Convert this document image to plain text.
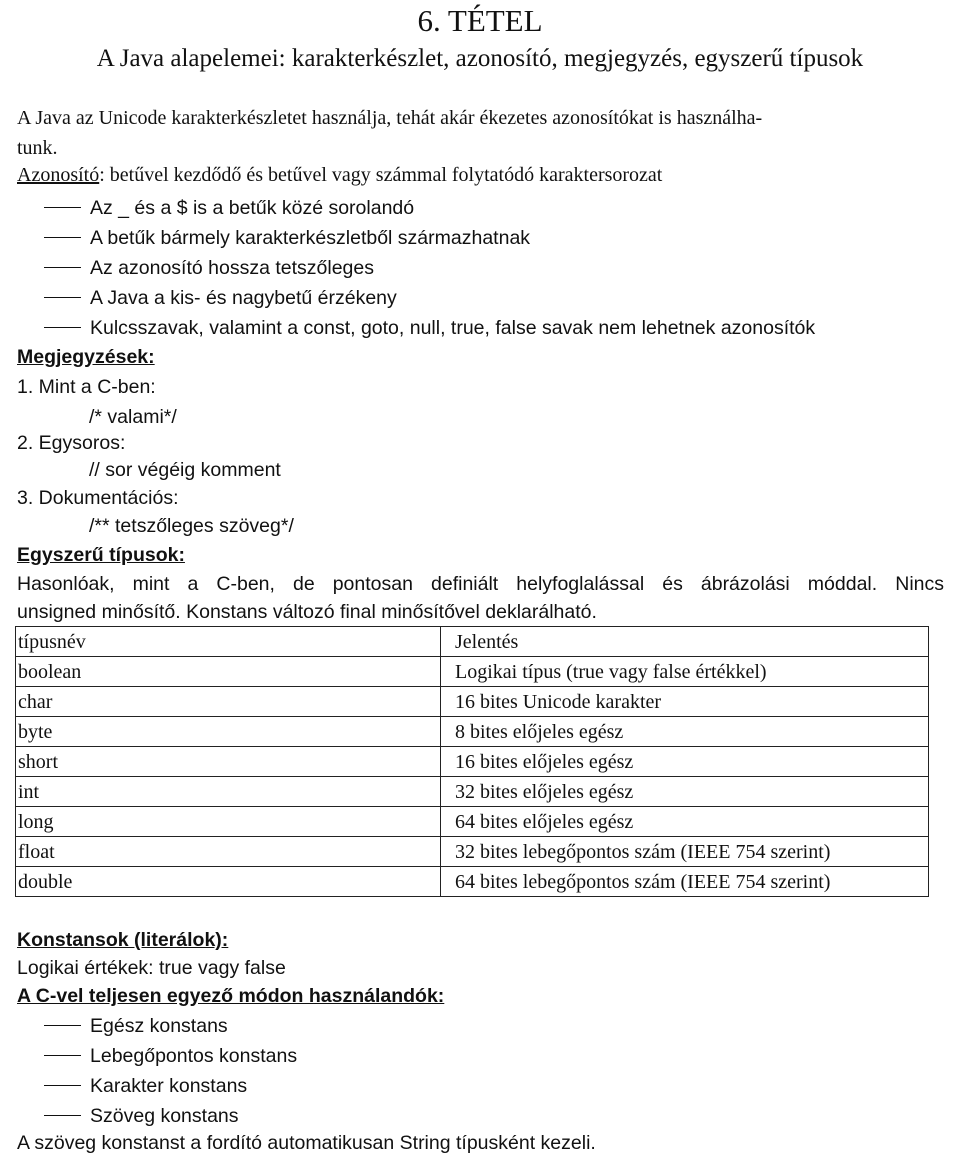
6. TÉTEL
A Java alapelemei: karakterkészlet, azonosító, megjegyzés, egyszerű típusok
A Java az Unicode karakterkészletet használja, tehát akár ékezetes azonosítókat is használha-
tunk.
Azonosító: betűvel kezdődő és betűvel vagy számmal folytatódó karaktersorozat
Az _ és a $ is a betűk közé sorolandó
A betűk bármely karakterkészletből származhatnak
Az azonosító hossza tetszőleges
A Java a kis- és nagybetű érzékeny
Kulcsszavak, valamint a const, goto, null, true, false savak nem lehetnek azonosítók
Megjegyzések:
1. Mint a C-ben:
/* valami*/
2. Egysoros:
// sor végéig komment
3. Dokumentációs:
/** tetszőleges szöveg*/
Egyszerű típusok:
Hasonlóak, mint a C-ben, de pontosan definiált helyfoglalással és ábrázolási móddal. Nincs
unsigned minősítő. Konstans változó final minősítővel deklarálható.
típusnév	Jelentés
boolean	Logikai típus (true vagy false értékkel)
char	16 bites Unicode karakter
byte	8 bites előjeles egész
short	16 bites előjeles egész
int	32 bites előjeles egész
long	64 bites előjeles egész
float	32 bites lebegőpontos szám (IEEE 754 szerint)
double	64 bites lebegőpontos szám (IEEE 754 szerint)
Konstansok (literálok):
Logikai értékek: true vagy false
A C-vel teljesen egyező módon használandók:
Egész konstans
Lebegőpontos konstans
Karakter konstans
Szöveg konstans
A szöveg konstanst a fordító automatikusan String típusként kezeli.
